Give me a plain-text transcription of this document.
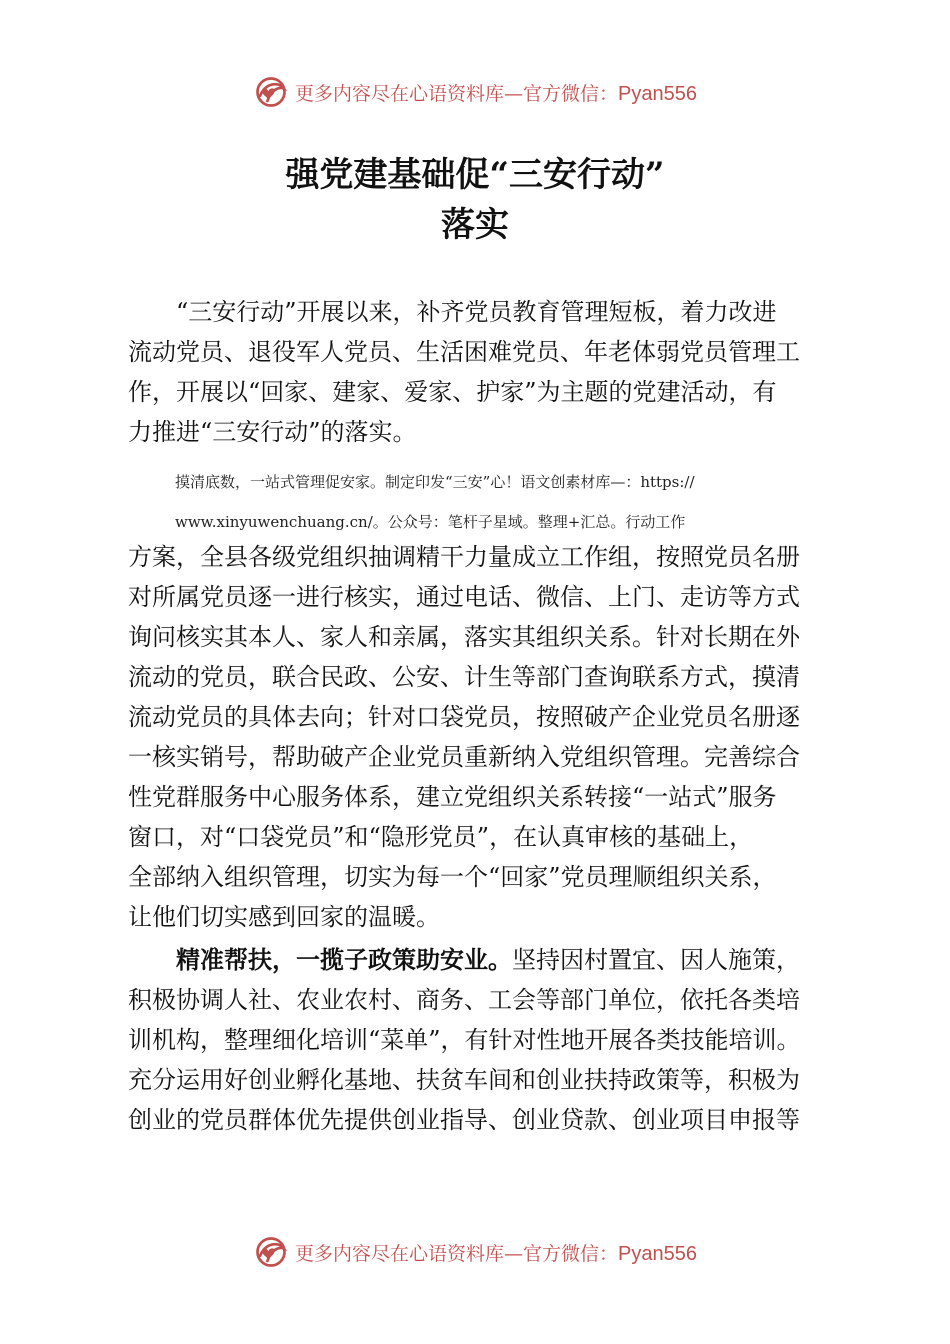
更多内容尽在心语资料库—官方微信：Pyan556
强党建基础促“三安行动”
落实
“三安行动”开展以来，补齐党员教育管理短板，着力改进
流动党员、退役军人党员、生活困难党员、年老体弱党员管理工
作，开展以“回家、建家、爱家、护家”为主题的党建活动，有
力推进“三安行动”的落实。

摸清底数，一站式管理促安家。制定印发“三安”心！语文创素材库—：https://

www.xinyuwenchuang.cn/。公众号：笔杆子星域。整理+汇总。行动工作

方案，全县各级党组织抽调精干力量成立工作组，按照党员名册
对所属党员逐一进行核实，通过电话、微信、上门、走访等方式
询问核实其本人、家人和亲属，落实其组织关系。针对长期在外
流动的党员，联合民政、公安、计生等部门查询联系方式，摸清
流动党员的具体去向；针对口袋党员，按照破产企业党员名册逐
一核实销号，帮助破产企业党员重新纳入党组织管理。完善综合
性党群服务中心服务体系，建立党组织关系转接“一站式”服务
窗口，对“口袋党员”和“隐形党员”，在认真审核的基础上，
全部纳入组织管理，切实为每一个“回家”党员理顺组织关系，
让他们切实感到回家的温暖。
精准帮扶，一揽子政策助安业。坚持因村置宜、因人施策，
积极协调人社、农业农村、商务、工会等部门单位，依托各类培
训机构，整理细化培训“菜单”，有针对性地开展各类技能培训。
充分运用好创业孵化基地、扶贫车间和创业扶持政策等，积极为
创业的党员群体优先提供创业指导、创业贷款、创业项目申报等
更多内容尽在心语资料库—官方微信：Pyan556
